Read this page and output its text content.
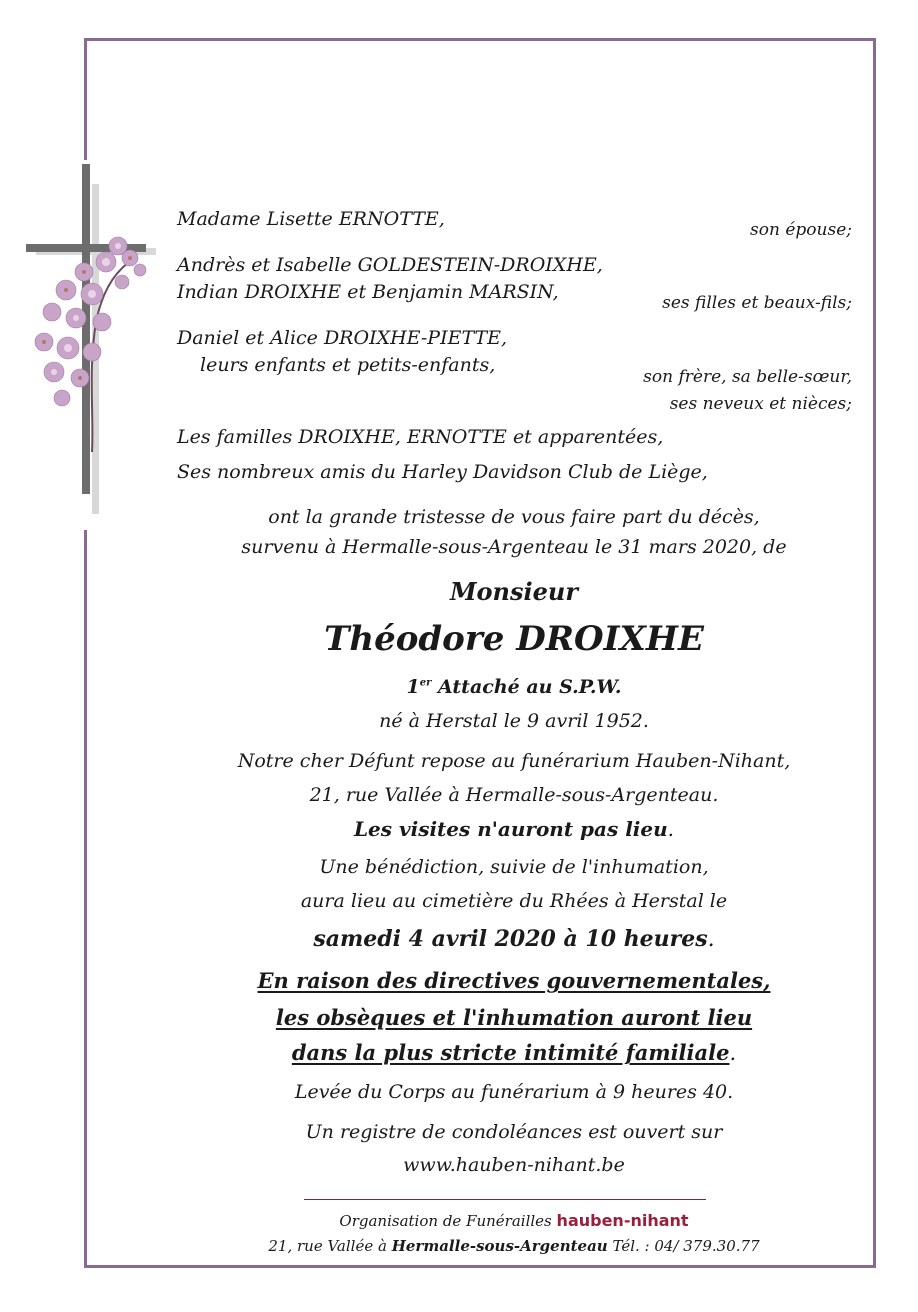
Madame Lisette ERNOTTE,	son épouse;
Andrès et Isabelle GOLDESTEIN-DROIXHE,
Indian DROIXHE et Benjamin MARSIN,	ses filles et beaux-fils;
Daniel et Alice DROIXHE-PIETTE,
leurs enfants et petits-enfants,
son frère, sa belle-sœur,
ses neveux et nièces;
Les familles DROIXHE, ERNOTTE et apparentées,
Ses nombreux amis du Harley Davidson Club de Liège,
ont la grande tristesse de vous faire part du décès,
survenu à Hermalle-sous-Argenteau le 31 mars 2020, de
Monsieur
Théodore DROIXHE
1er Attaché au S.P.W.
né à Herstal le 9 avril 1952.
Notre cher Défunt repose au funérarium Hauben-Nihant,
21, rue Vallée à Hermalle-sous-Argenteau.
Les visites n'auront pas lieu.
Une bénédiction, suivie de l'inhumation,
aura lieu au cimetière du Rhées à Herstal le
samedi 4 avril 2020 à 10 heures.
En raison des directives gouvernementales,
les obsèques et l'inhumation auront lieu
dans la plus stricte intimité familiale.
Levée du Corps au funérarium à 9 heures 40.
Un registre de condoléances est ouvert sur
www.hauben-nihant.be
Organisation de Funérailles hauben-nihant
21, rue Vallée à Hermalle-sous-Argenteau Tél. : 04/ 379.30.77
